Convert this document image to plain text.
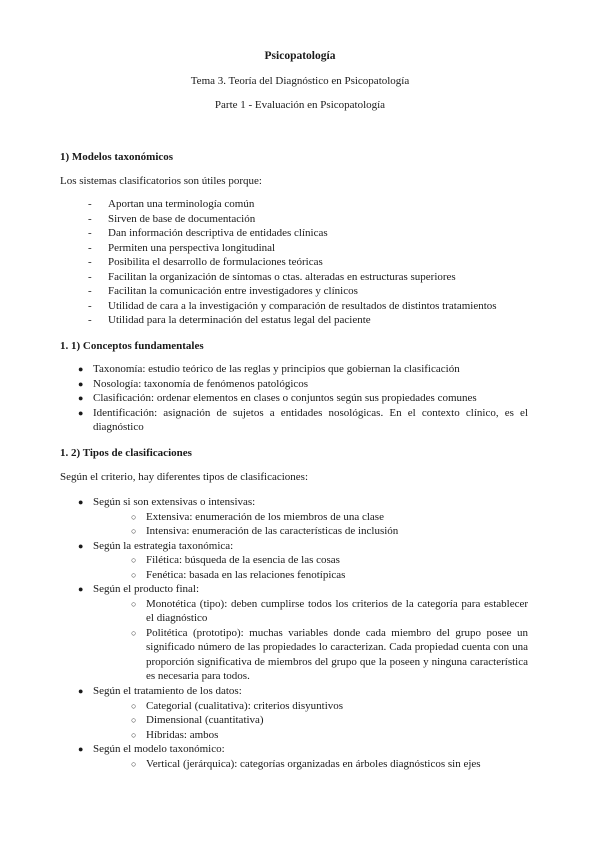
Psicopatología
Tema 3. Teoría del Diagnóstico en Psicopatología
Parte 1 - Evaluación en Psicopatología
1) Modelos taxonómicos
Los sistemas clasificatorios son útiles porque:
- Aportan una terminología común
- Sirven de base de documentación
- Dan información descriptiva de entidades clínicas
- Permiten una perspectiva longitudinal
- Posibilita el desarrollo de formulaciones teóricas
- Facilitan la organización de síntomas o ctas. alteradas en estructuras superiores
- Facilitan la comunicación entre investigadores y clínicos
- Utilidad de cara a la investigación y comparación de resultados de distintos tratamientos
- Utilidad para la determinación del estatus legal del paciente
1. 1) Conceptos fundamentales
● Taxonomía: estudio teórico de las reglas y principios que gobiernan la clasificación
● Nosología: taxonomía de fenómenos patológicos
● Clasificación: ordenar elementos en clases o conjuntos según sus propiedades comunes
● Identificación: asignación de sujetos a entidades nosológicas. En el contexto clínico, es el diagnóstico
1. 2) Tipos de clasificaciones
Según el criterio, hay diferentes tipos de clasificaciones:
● Según si son extensivas o intensivas:
○ Extensiva: enumeración de los miembros de una clase
○ Intensiva: enumeración de las características de inclusión
● Según la estrategia taxonómica:
○ Filética: búsqueda de la esencia de las cosas
○ Fenética: basada en las relaciones fenotípicas
● Según el producto final:
○ Monotética (tipo): deben cumplirse todos los criterios de la categoría para establecer el diagnóstico
○ Politética (prototipo): muchas variables donde cada miembro del grupo posee un significado número de las propiedades lo caracterizan. Cada propiedad cuenta con una proporción significativa de miembros del grupo que la poseen y ninguna característica es necesaria para todos.
● Según el tratamiento de los datos:
○ Categorial (cualitativa): criterios disyuntivos
○ Dimensional (cuantitativa)
○ Híbridas: ambos
● Según el modelo taxonómico:
○ Vertical (jerárquica): categorías organizadas en árboles diagnósticos sin ejes
